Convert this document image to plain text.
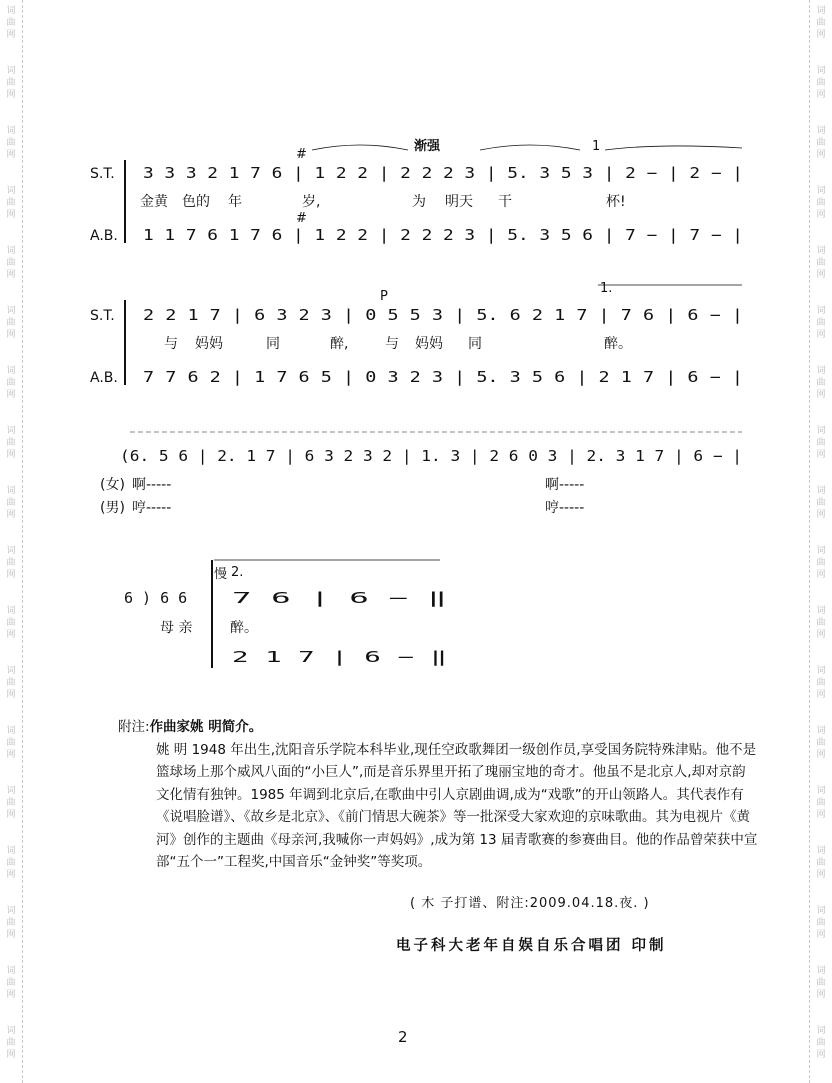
词
曲
网
词
曲
网
词
曲
网
词
曲
网
词
曲
网
词
曲
网
词
曲
网
词
曲
网
词
曲
网
词
曲
网
词
曲
网
词
曲
网
词
曲
网
词
曲
网
词
曲
网
词
曲
网
词
曲
网
词
曲
网
词
曲
网
词
曲
网
词
曲
网
词
曲
网
词
曲
网
词
曲
网
词
曲
网
词
曲
网
词
曲
网
词
曲
网
词
曲
网
词
曲
网
词
曲
网
词
曲
网
词
曲
网
词
曲
网
词
曲
网
词
曲
网
#
渐强	1
S.T. 3 3 3 2 1 7 6 | 1 2 2 | 2 2 2 3 | 5. 3 5 3 | 2 − | 2 − |
金黄 色的 年	岁,	为 明天 干	杯!
#
A.B. 1 1 7 6 1 7 6 | 1 2 2 | 2 2 2 3 | 5. 3 5 6 | 7 − | 7 − |
P
1.
S.T. 2 2 1 7 | 6 3 2 3 | 0 5 5 3 | 5. 6 2 1 7 | 7 6 | 6 − |
与 妈妈	同	醉,	与 妈妈 同	醉。
A.B. 7 7 6 2 | 1 7 6 5 | 0 3 2 3 | 5. 3 5 6 | 2 1 7 | 6 − |
(6. 5 6 | 2. 1 7 | 6 3 2 3 2 | 1. 3 | 2 6 0 3 | 2. 3 1 7 | 6 − |
(女) 啊-----	啊-----
(男) 哼-----	哼-----
慢 2.
6 ) 6 6
母 亲
7 6 | 6 − ‖
醉。
2 1 7 | 6 − ‖
附注:作曲家姚 明简介。
姚 明 1948 年出生,沈阳音乐学院本科毕业,现任空政歌舞团一级创作员,享受国务院特殊津贴。他不是篮球场上那个威风八面的“小巨人”,而是音乐界里开拓了瑰丽宝地的奇才。他虽不是北京人,却对京韵文化情有独钟。1985 年调到北京后,在歌曲中引人京剧曲调,成为“戏歌”的开山领路人。其代表作有《说唱脸谱》、《故乡是北京》、《前门情思大碗茶》等一批深受大家欢迎的京味歌曲。其为电视片《黄 河》创作的主题曲《母亲河,我喊你一声妈妈》,成为第 13 届青歌赛的参赛曲目。他的作品曾荣获中宣部“五个一”工程奖,中国音乐“金钟奖”等奖项。
( 木 子打谱、附注:2009.04.18.夜. )
电子科大老年自娱自乐合唱团 印制
2
